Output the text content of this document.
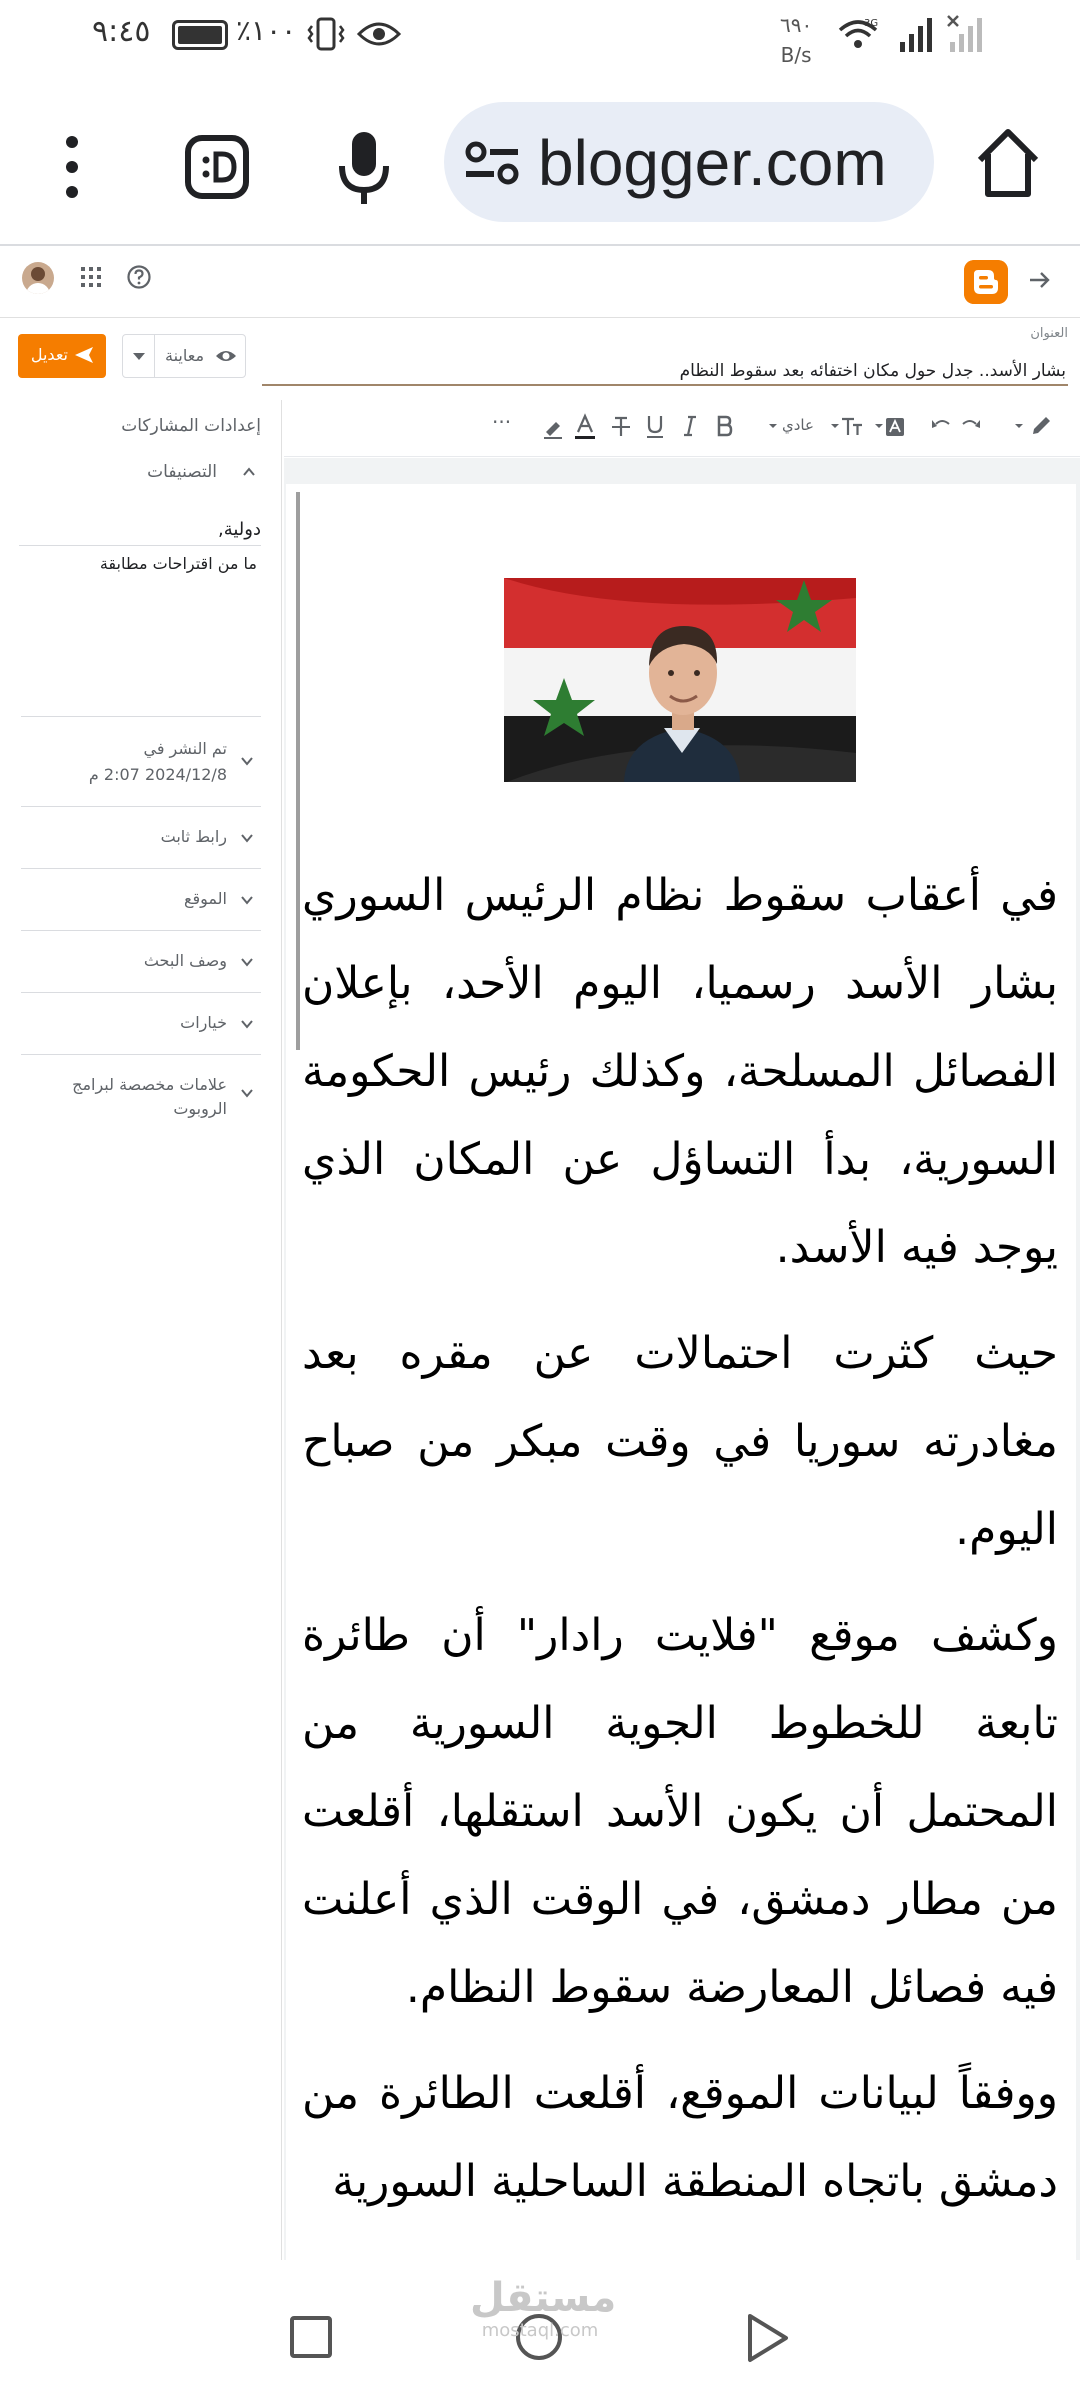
٩:٤٥	٪١٠٠	٦٩٠
B/s
3G
blogger.com
تعديل	معاينة
العنوان
بشار الأسد.. جدل حول مكان اختفائه بعد سقوط النظام
إعدادات المشاركات
التصنيفات
دولية,
ما من اقتراحات مطابقة
تم النشر في
2024/12/8 2:07 م
رابط ثابت
الموقع
وصف البحث
خيارات
علامات مخصصة لبرامج
الروبوت
···	عادي

في أعقاب سقوط نظام الرئيس السوري بشار الأسد رسميا، اليوم الأحد، بإعلان الفصائل المسلحة، وكذلك رئيس الحكومة السورية، بدأ التساؤل عن المكان الذي يوجد فيه الأسد.

حيث كثرت احتمالات عن مقره بعد مغادرته سوريا في وقت مبكر من صباح اليوم.

وكشف موقع "فلايت رادار" أن طائرة تابعة للخطوط الجوية السورية من المحتمل أن يكون الأسد استقلها، أقلعت من مطار دمشق، في الوقت الذي أعلنت فيه فصائل المعارضة سقوط النظام.

ووفقاً لبيانات الموقع، أقلعت الطائرة من دمشق باتجاه المنطقة الساحلية السورية

مستقل
mostaql.com
